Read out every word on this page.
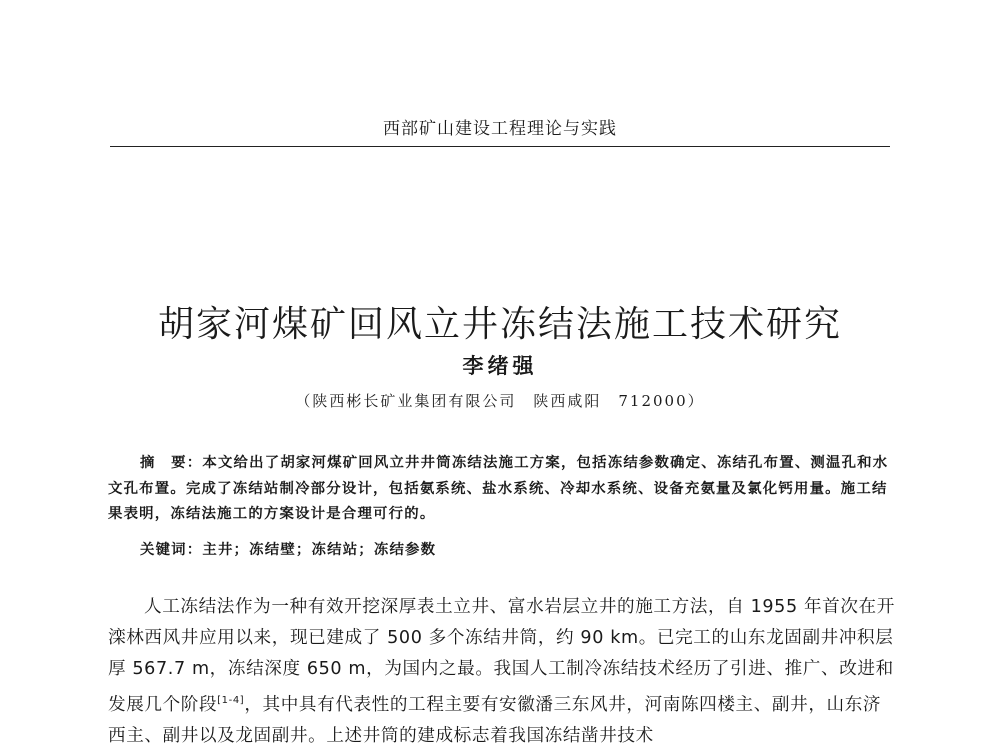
西部矿山建设工程理论与实践
胡家河煤矿回风立井冻结法施工技术研究
李绪强
（陕西彬长矿业集团有限公司　陕西咸阳　712000）

摘　要：本文给出了胡家河煤矿回风立井井筒冻结法施工方案，包括冻结参数确定、冻结孔布置、测温孔和水文孔布置。完成了冻结站制冷部分设计，包括氨系统、盐水系统、冷却水系统、设备充氨量及氯化钙用量。施工结果表明，冻结法施工的方案设计是合理可行的。

关键词：主井；冻结壁；冻结站；冻结参数

人工冻结法作为一种有效开挖深厚表土立井、富水岩层立井的施工方法，自 1955 年首次在开滦林西风井应用以来，现已建成了 500 多个冻结井筒，约 90 km。已完工的山东龙固副井冲积层厚 567.7 m，冻结深度 650 m，为国内之最。我国人工制冷冻结技术经历了引进、推广、改进和发展几个阶段[1-4]，其中具有代表性的工程主要有安徽潘三东风井，河南陈四楼主、副井，山东济西主、副井以及龙固副井。上述井筒的建成标志着我国冻结凿井技术
